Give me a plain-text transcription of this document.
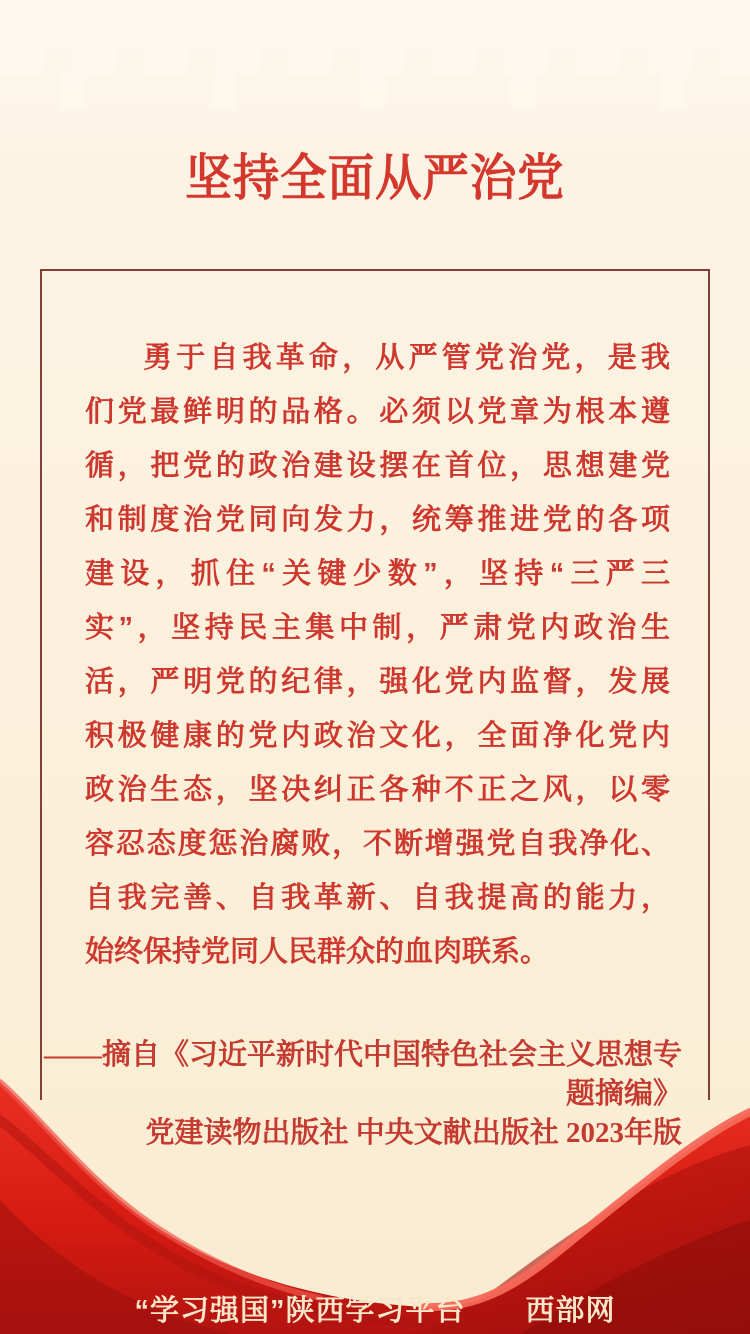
坚持全面从严治党
勇于自我革命，从严管党治党，是我
们党最鲜明的品格。必须以党章为根本遵
循，把党的政治建设摆在首位，思想建党
和制度治党同向发力，统筹推进党的各项
建设，抓住“关键少数”，坚持“三严三
实”，坚持民主集中制，严肃党内政治生
活，严明党的纪律，强化党内监督，发展
积极健康的党内政治文化，全面净化党内
政治生态，坚决纠正各种不正之风，以零
容忍态度惩治腐败，不断增强党自我净化、
自我完善、自我革新、自我提高的能力，
始终保持党同人民群众的血肉联系。
——摘自《习近平新时代中国特色社会主义思想专题摘编》
党建读物出版社 中央文献出版社 2023年版
“学习强国”陕西学习平台　　西部网
